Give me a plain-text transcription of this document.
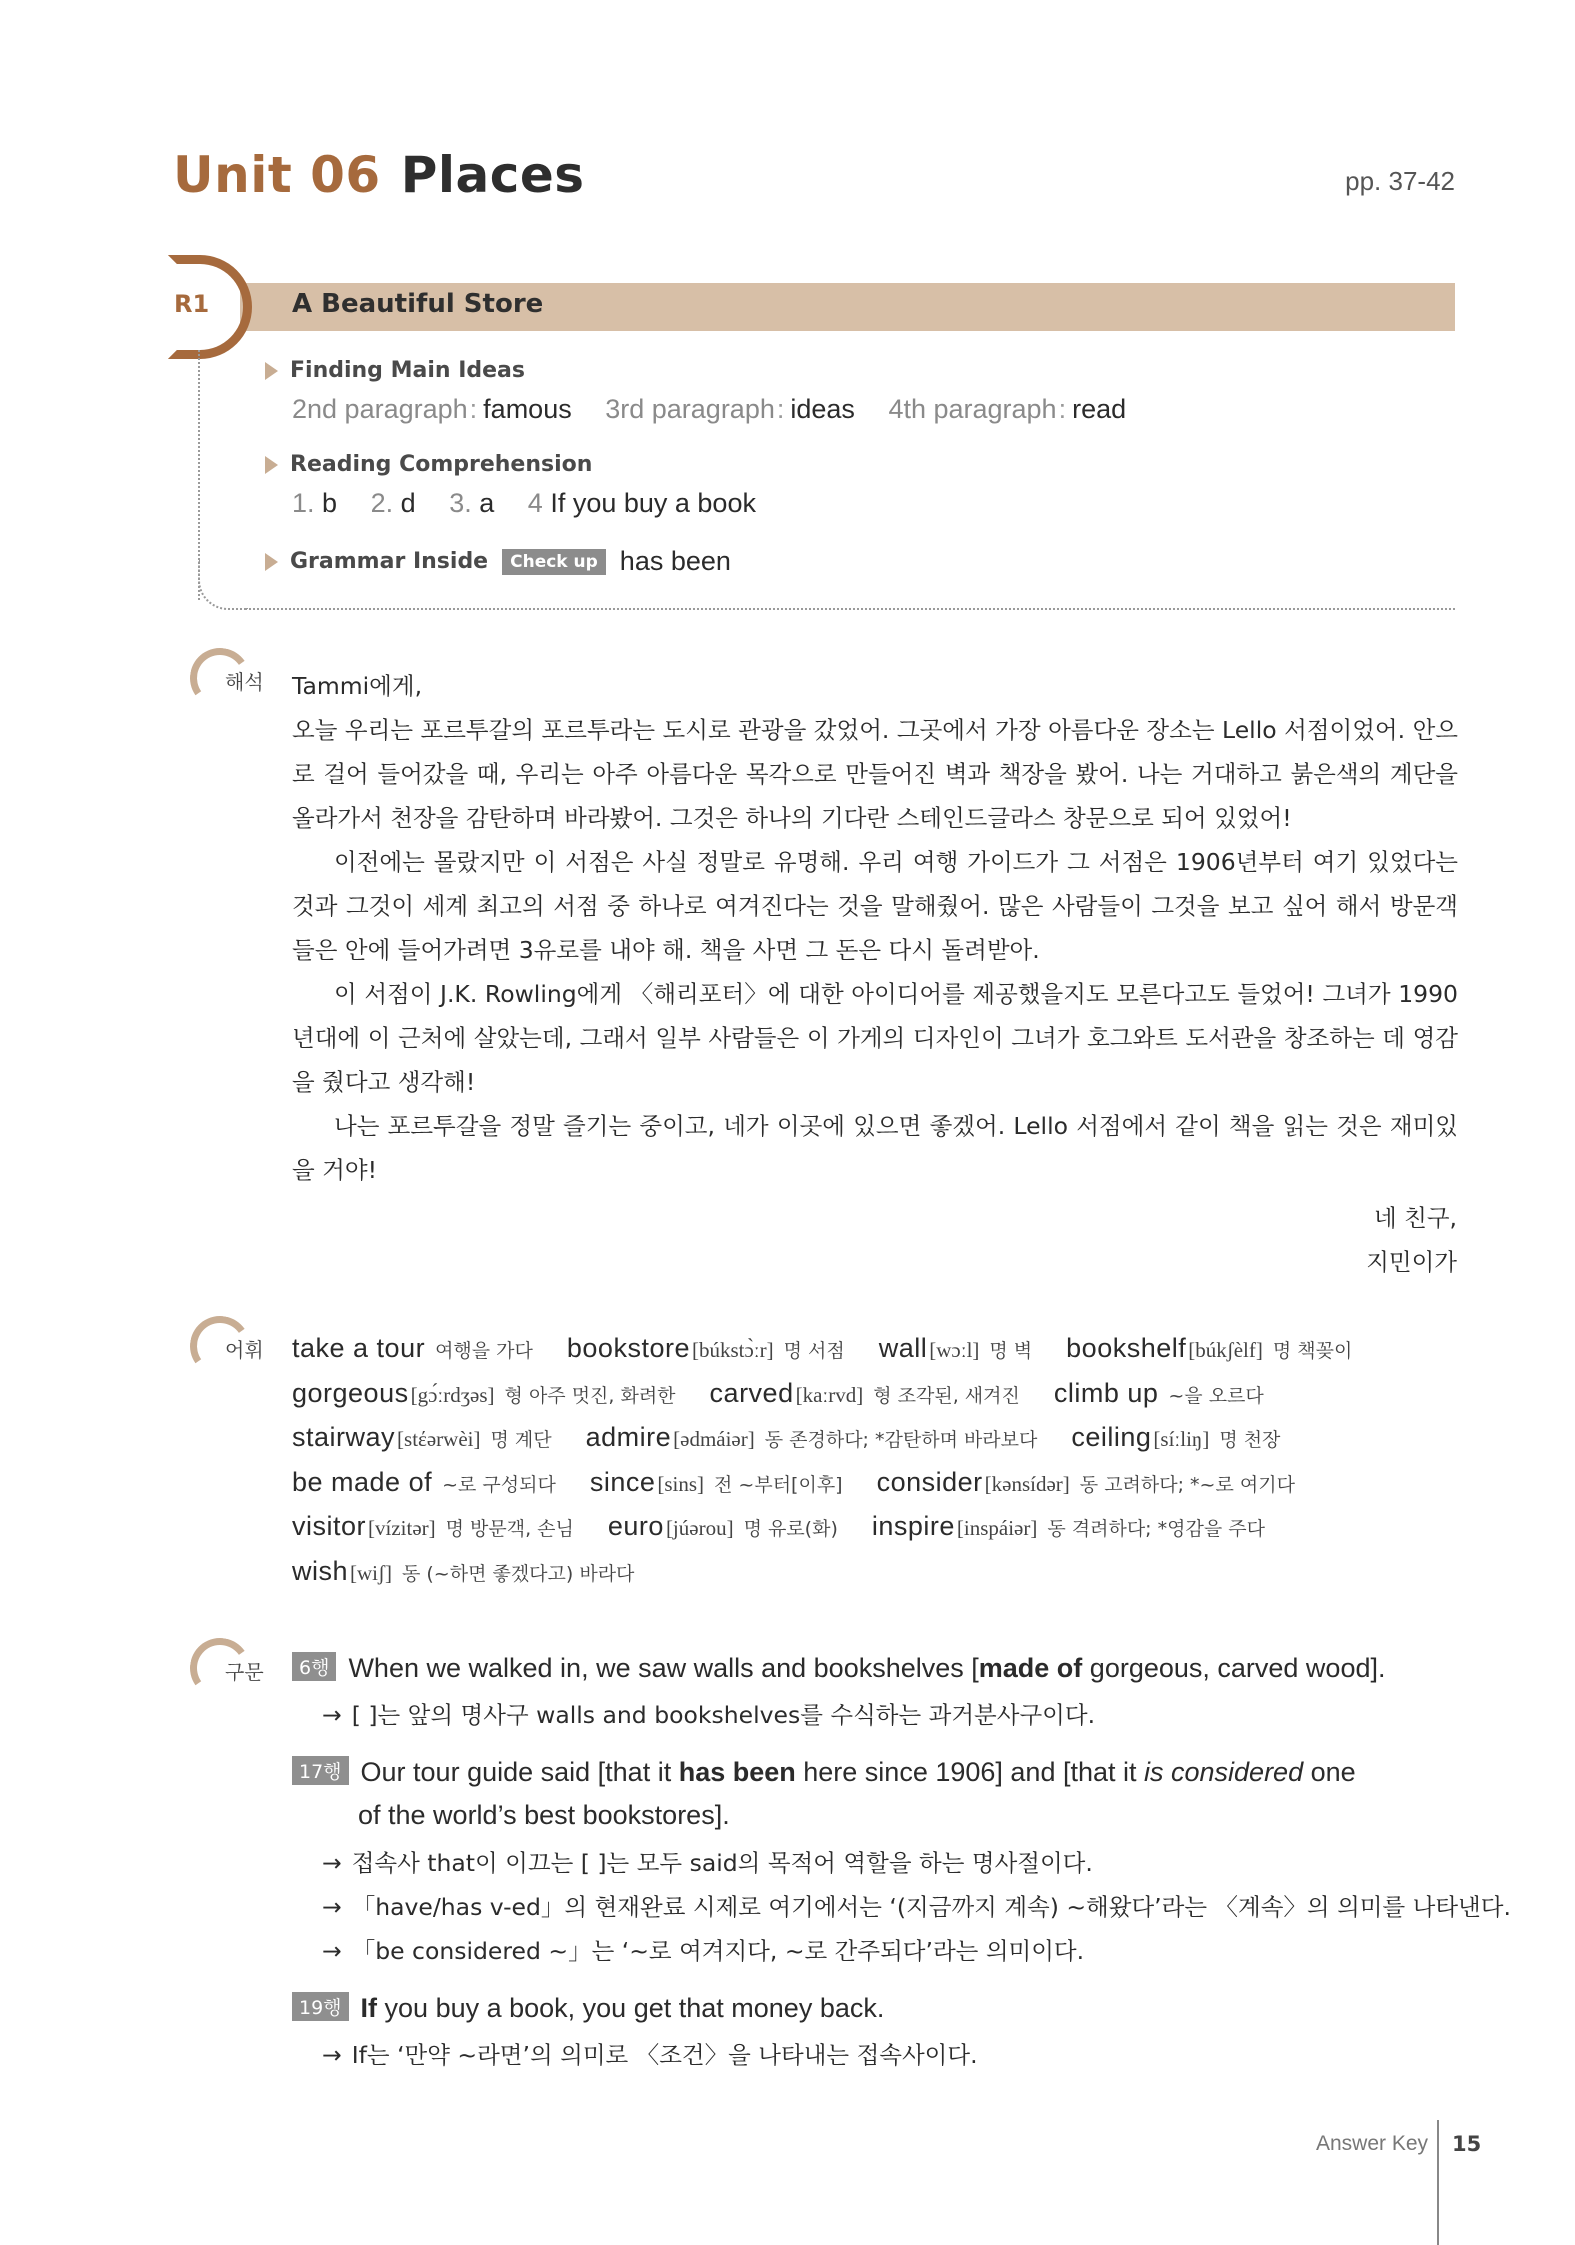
Unit 06 Places	pp. 37-42
R1	A Beautiful Store
Finding Main Ideas
2nd paragraph: famous 3rd paragraph: ideas 4th paragraph: read
Reading Comprehension
1. b 2. d 3. a 4 If you buy a book
Grammar Inside	Check up has been
해석 Tammi에게,

오늘 우리는 포르투갈의 포르투라는 도시로 관광을 갔었어. 그곳에서 가장 아름다운 장소는 Lello 서점이었어. 안으로 걸어 들어갔을 때, 우리는 아주 아름다운 목각으로 만들어진 벽과 책장을 봤어. 나는 거대하고 붉은색의 계단을 올라가서 천장을 감탄하며 바라봤어. 그것은 하나의 기다란 스테인드글라스 창문으로 되어 있었어!

이전에는 몰랐지만 이 서점은 사실 정말로 유명해. 우리 여행 가이드가 그 서점은 1906년부터 여기 있었다는 것과 그것이 세계 최고의 서점 중 하나로 여겨진다는 것을 말해줬어. 많은 사람들이 그것을 보고 싶어 해서 방문객들은 안에 들어가려면 3유로를 내야 해. 책을 사면 그 돈은 다시 돌려받아.

이 서점이 J.K. Rowling에게 〈해리포터〉에 대한 아이디어를 제공했을지도 모른다고도 들었어! 그녀가 1990년대에 이 근처에 살았는데, 그래서 일부 사람들은 이 가게의 디자인이 그녀가 호그와트 도서관을 창조하는 데 영감을 줬다고 생각해!

나는 포르투갈을 정말 즐기는 중이고, 네가 이곳에 있으면 좋겠어. Lello 서점에서 같이 책을 읽는 것은 재미있을 거야!

네 친구,
지민이가
어휘 take a tour 여행을 가다 bookstore [búkstɔ̀ːr] 명 서점 wall [wɔːl] 명 벽 bookshelf [búkʃèlf] 명 책꽂이
gorgeous [gɔ́ːrdʒəs] 형 아주 멋진, 화려한 carved [kaːrvd] 형 조각된, 새겨진 climb up ~을 오르다
stairway [stέərwèi] 명 계단 admire [ədmáiər] 동 존경하다; *감탄하며 바라보다 ceiling [síːliŋ] 명 천장
be made of ~로 구성되다 since [sins] 전 ~부터[이후] consider [kənsídər] 동 고려하다; *~로 여기다
visitor [vízitər] 명 방문객, 손님 euro [júərou] 명 유로(화) inspire [inspáiər] 동 격려하다; *영감을 주다
wish [wiʃ] 동 (~하면 좋겠다고) 바라다
구문	6행 When we walked in, we saw walls and bookshelves [made of gorgeous, carved wood].
→ [ ]는 앞의 명사구 walls and bookshelves를 수식하는 과거분사구이다.
17행 Our tour guide said [that it has been here since 1906] and [that it is considered one
of the world’s best bookstores].
→ 접속사 that이 이끄는 [ ]는 모두 said의 목적어 역할을 하는 명사절이다.
→ 「have/has v-ed」의 현재완료 시제로 여기에서는 ‘(지금까지 계속) ~해왔다’라는 〈계속〉의 의미를 나타낸다.
→ 「be considered ~」는 ‘~로 여겨지다, ~로 간주되다’라는 의미이다.
19행 If you buy a book, you get that money back.
→ If는 ‘만약 ~라면’의 의미로 〈조건〉을 나타내는 접속사이다.
Answer Key 15
